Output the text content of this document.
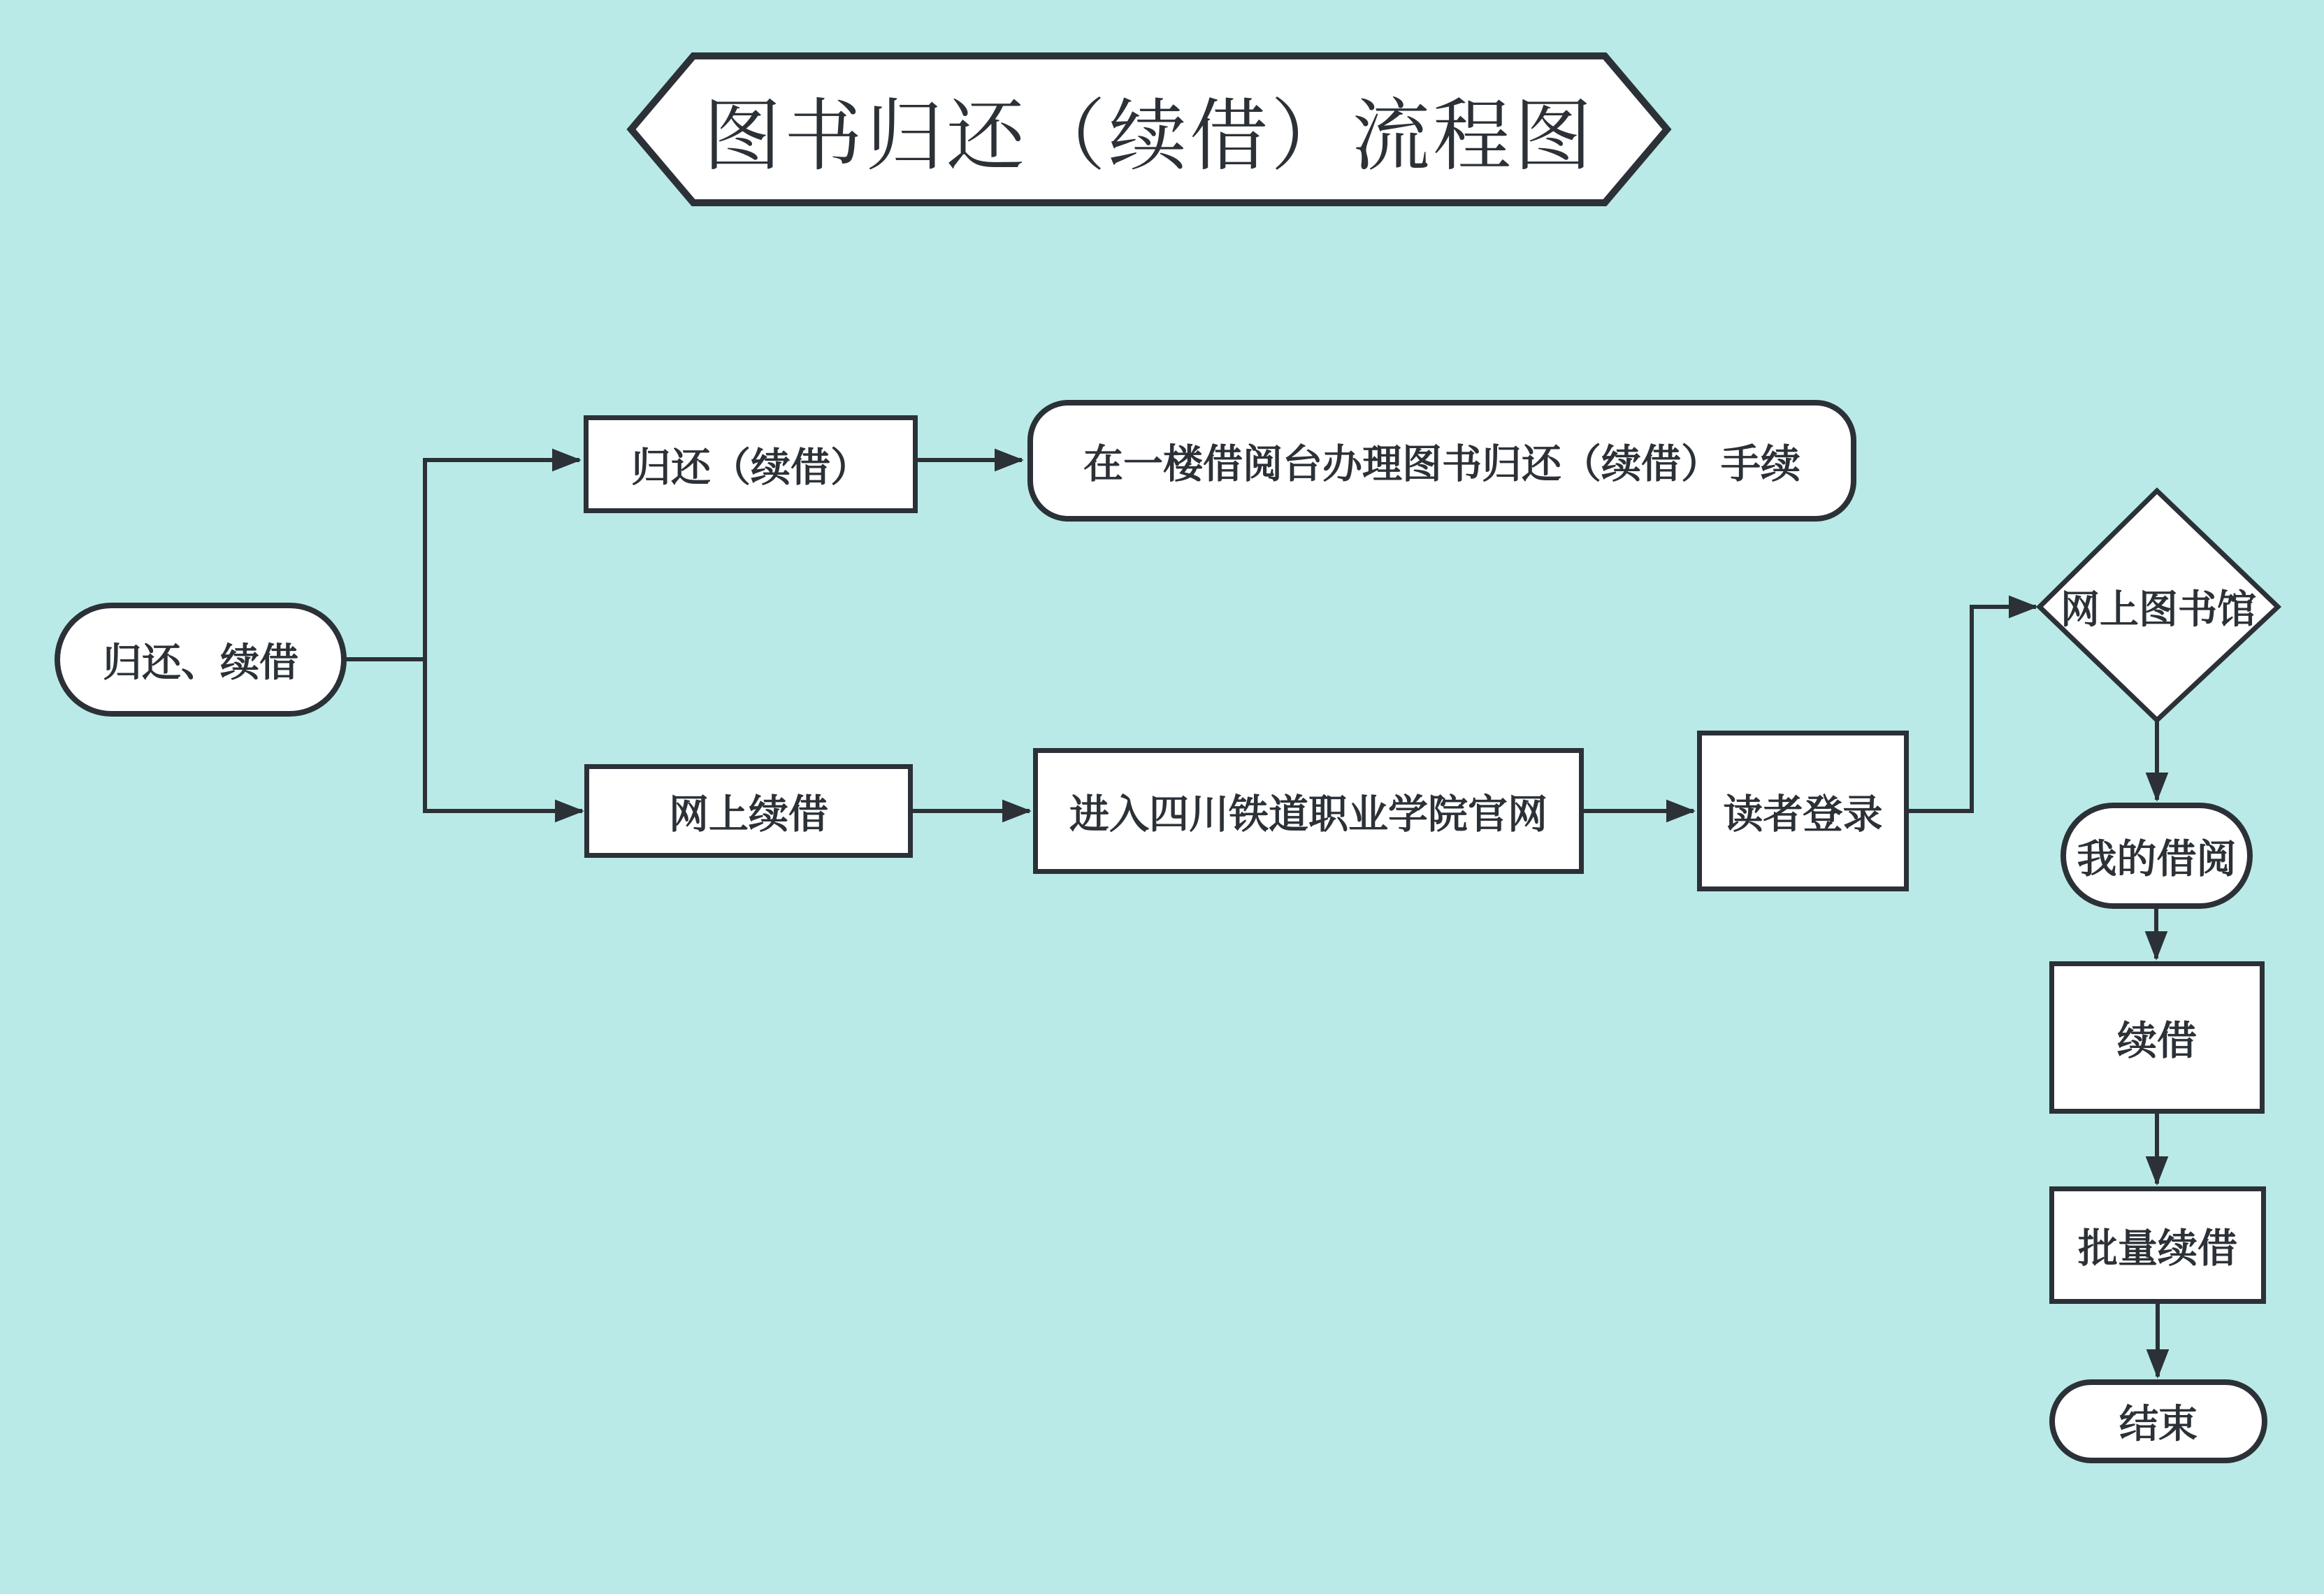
图书归还（续借）流程图
归还、续借
归还（续借）	在一楼借阅台办理图书归还（续借）手续
网上续借	进入四川铁道职业学院官网	读者登录
网上图书馆
我的借阅
续借
批量续借
结束
